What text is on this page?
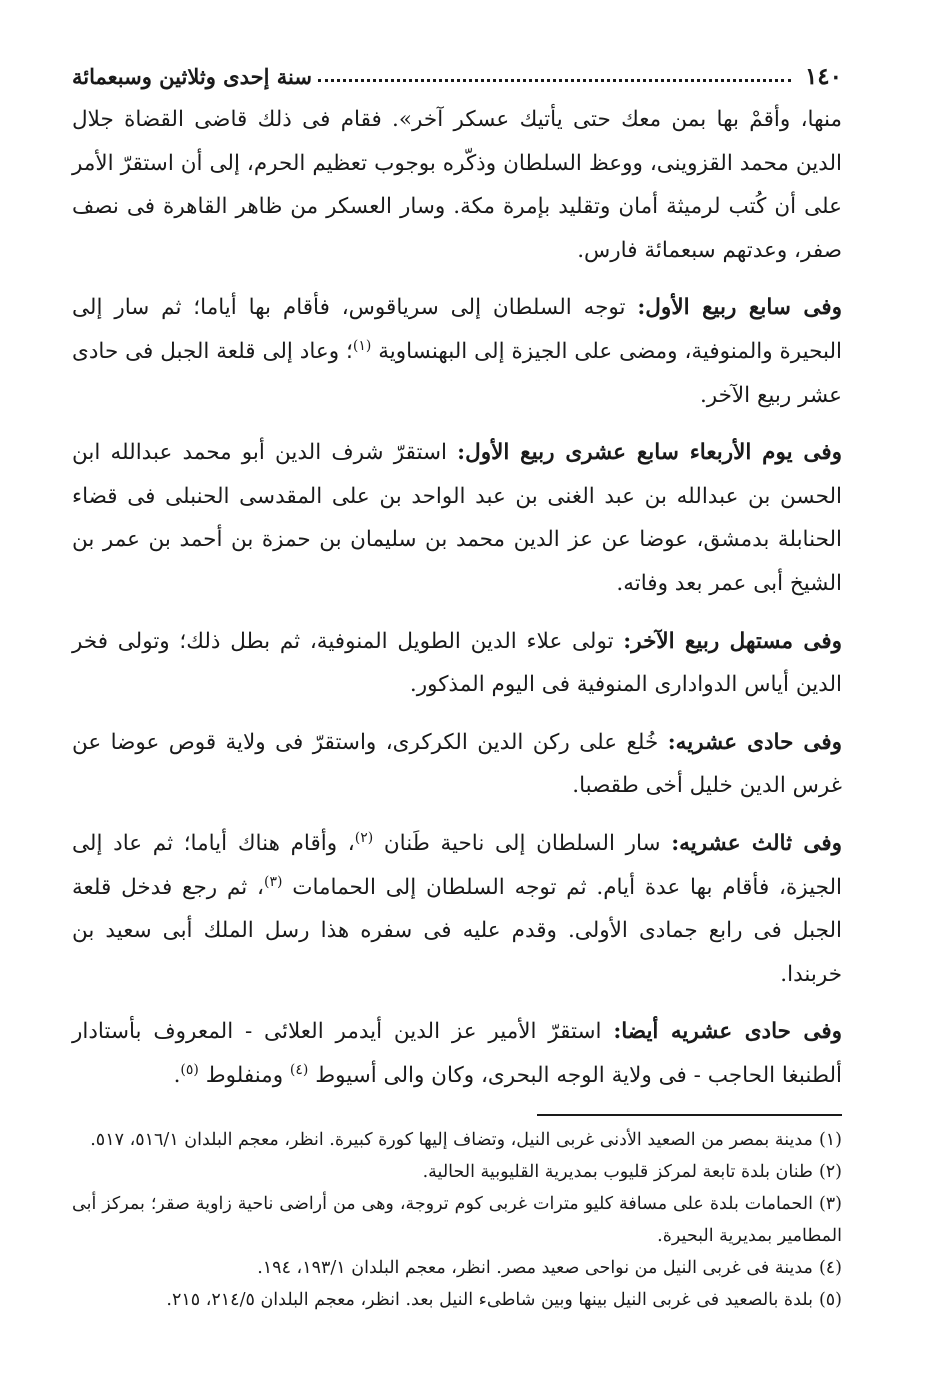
١٤٠
سنة إحدى وثلاثين وسبعمائة

منها، وأقمْ بها بمن معك حتى يأتيك عسكر آخر». فقام فى ذلك قاضى القضاة جلال الدين محمد القزوينى، ووعظ السلطان وذكّره بوجوب تعظيم الحرم، إلى أن استقرّ الأمر على أن كُتب لرميثة أمان وتقليد بإمرة مكة. وسار العسكر من ظاهر القاهرة فى نصف صفر، وعدتهم سبعمائة فارس.

وفى سابع ربيع الأول: توجه السلطان إلى سرياقوس، فأقام بها أياما؛ ثم سار إلى البحيرة والمنوفية، ومضى على الجيزة إلى البهنساوية $^{(١)}$؛ وعاد إلى قلعة الجبل فى حادى عشر ربيع الآخر.

وفى يوم الأربعاء سابع عشرى ربيع الأول: استقرّ شرف الدين أبو محمد عبدالله ابن الحسن بن عبدالله بن عبد الغنى بن عبد الواحد بن على المقدسى الحنبلى فى قضاء الحنابلة بدمشق، عوضا عن عز الدين محمد بن سليمان بن حمزة بن أحمد بن عمر بن الشيخ أبى عمر بعد وفاته.

وفى مستهل ربيع الآخر: تولى علاء الدين الطويل المنوفية، ثم بطل ذلك؛ وتولى فخر الدين أياس الدوادارى المنوفية فى اليوم المذكور.

وفى حادى عشريه: خُلع على ركن الدين الكركرى، واستقرّ فى ولاية قوص عوضا عن غرس الدين خليل أخى طقصبا.

وفى ثالث عشريه: سار السلطان إلى ناحية طَنان $^{(٢)}$، وأقام هناك أياما؛ ثم عاد إلى الجيزة، فأقام بها عدة أيام. ثم توجه السلطان إلى الحمامات $^{(٣)}$، ثم رجع فدخل قلعة الجبل فى رابع جمادى الأولى. وقدم عليه فى سفره هذا رسل الملك أبى سعيد بن خربندا.

وفى حادى عشريه أيضا: استقرّ الأمير عز الدين أيدمر العلائى - المعروف بأستادار ألطنبغا الحاجب - فى ولاية الوجه البحرى، وكان والى أسيوط $^{(٤)}$ ومنفلوط $^{(٥)}$.

(١)مدينة بمصر من الصعيد الأدنى غربى النيل، وتضاف إليها كورة كبيرة. انظر، معجم البلدان ٥١٦/١، ٥١٧.

(٢)طنان بلدة تابعة لمركز قليوب بمديرية القليوبية الحالية.

(٣)الحمامات بلدة على مسافة كليو مترات غربى كوم تروجة، وهى من أراضى ناحية زاوية صقر؛ بمركز أبى المطامير بمديرية البحيرة.

(٤)مدينة فى غربى النيل من نواحى صعيد مصر. انظر، معجم البلدان ١٩٣/١، ١٩٤.

(٥)بلدة بالصعيد فى غربى النيل بينها وبين شاطىء النيل بعد. انظر، معجم البلدان ٢١٤/٥، ٢١٥.
